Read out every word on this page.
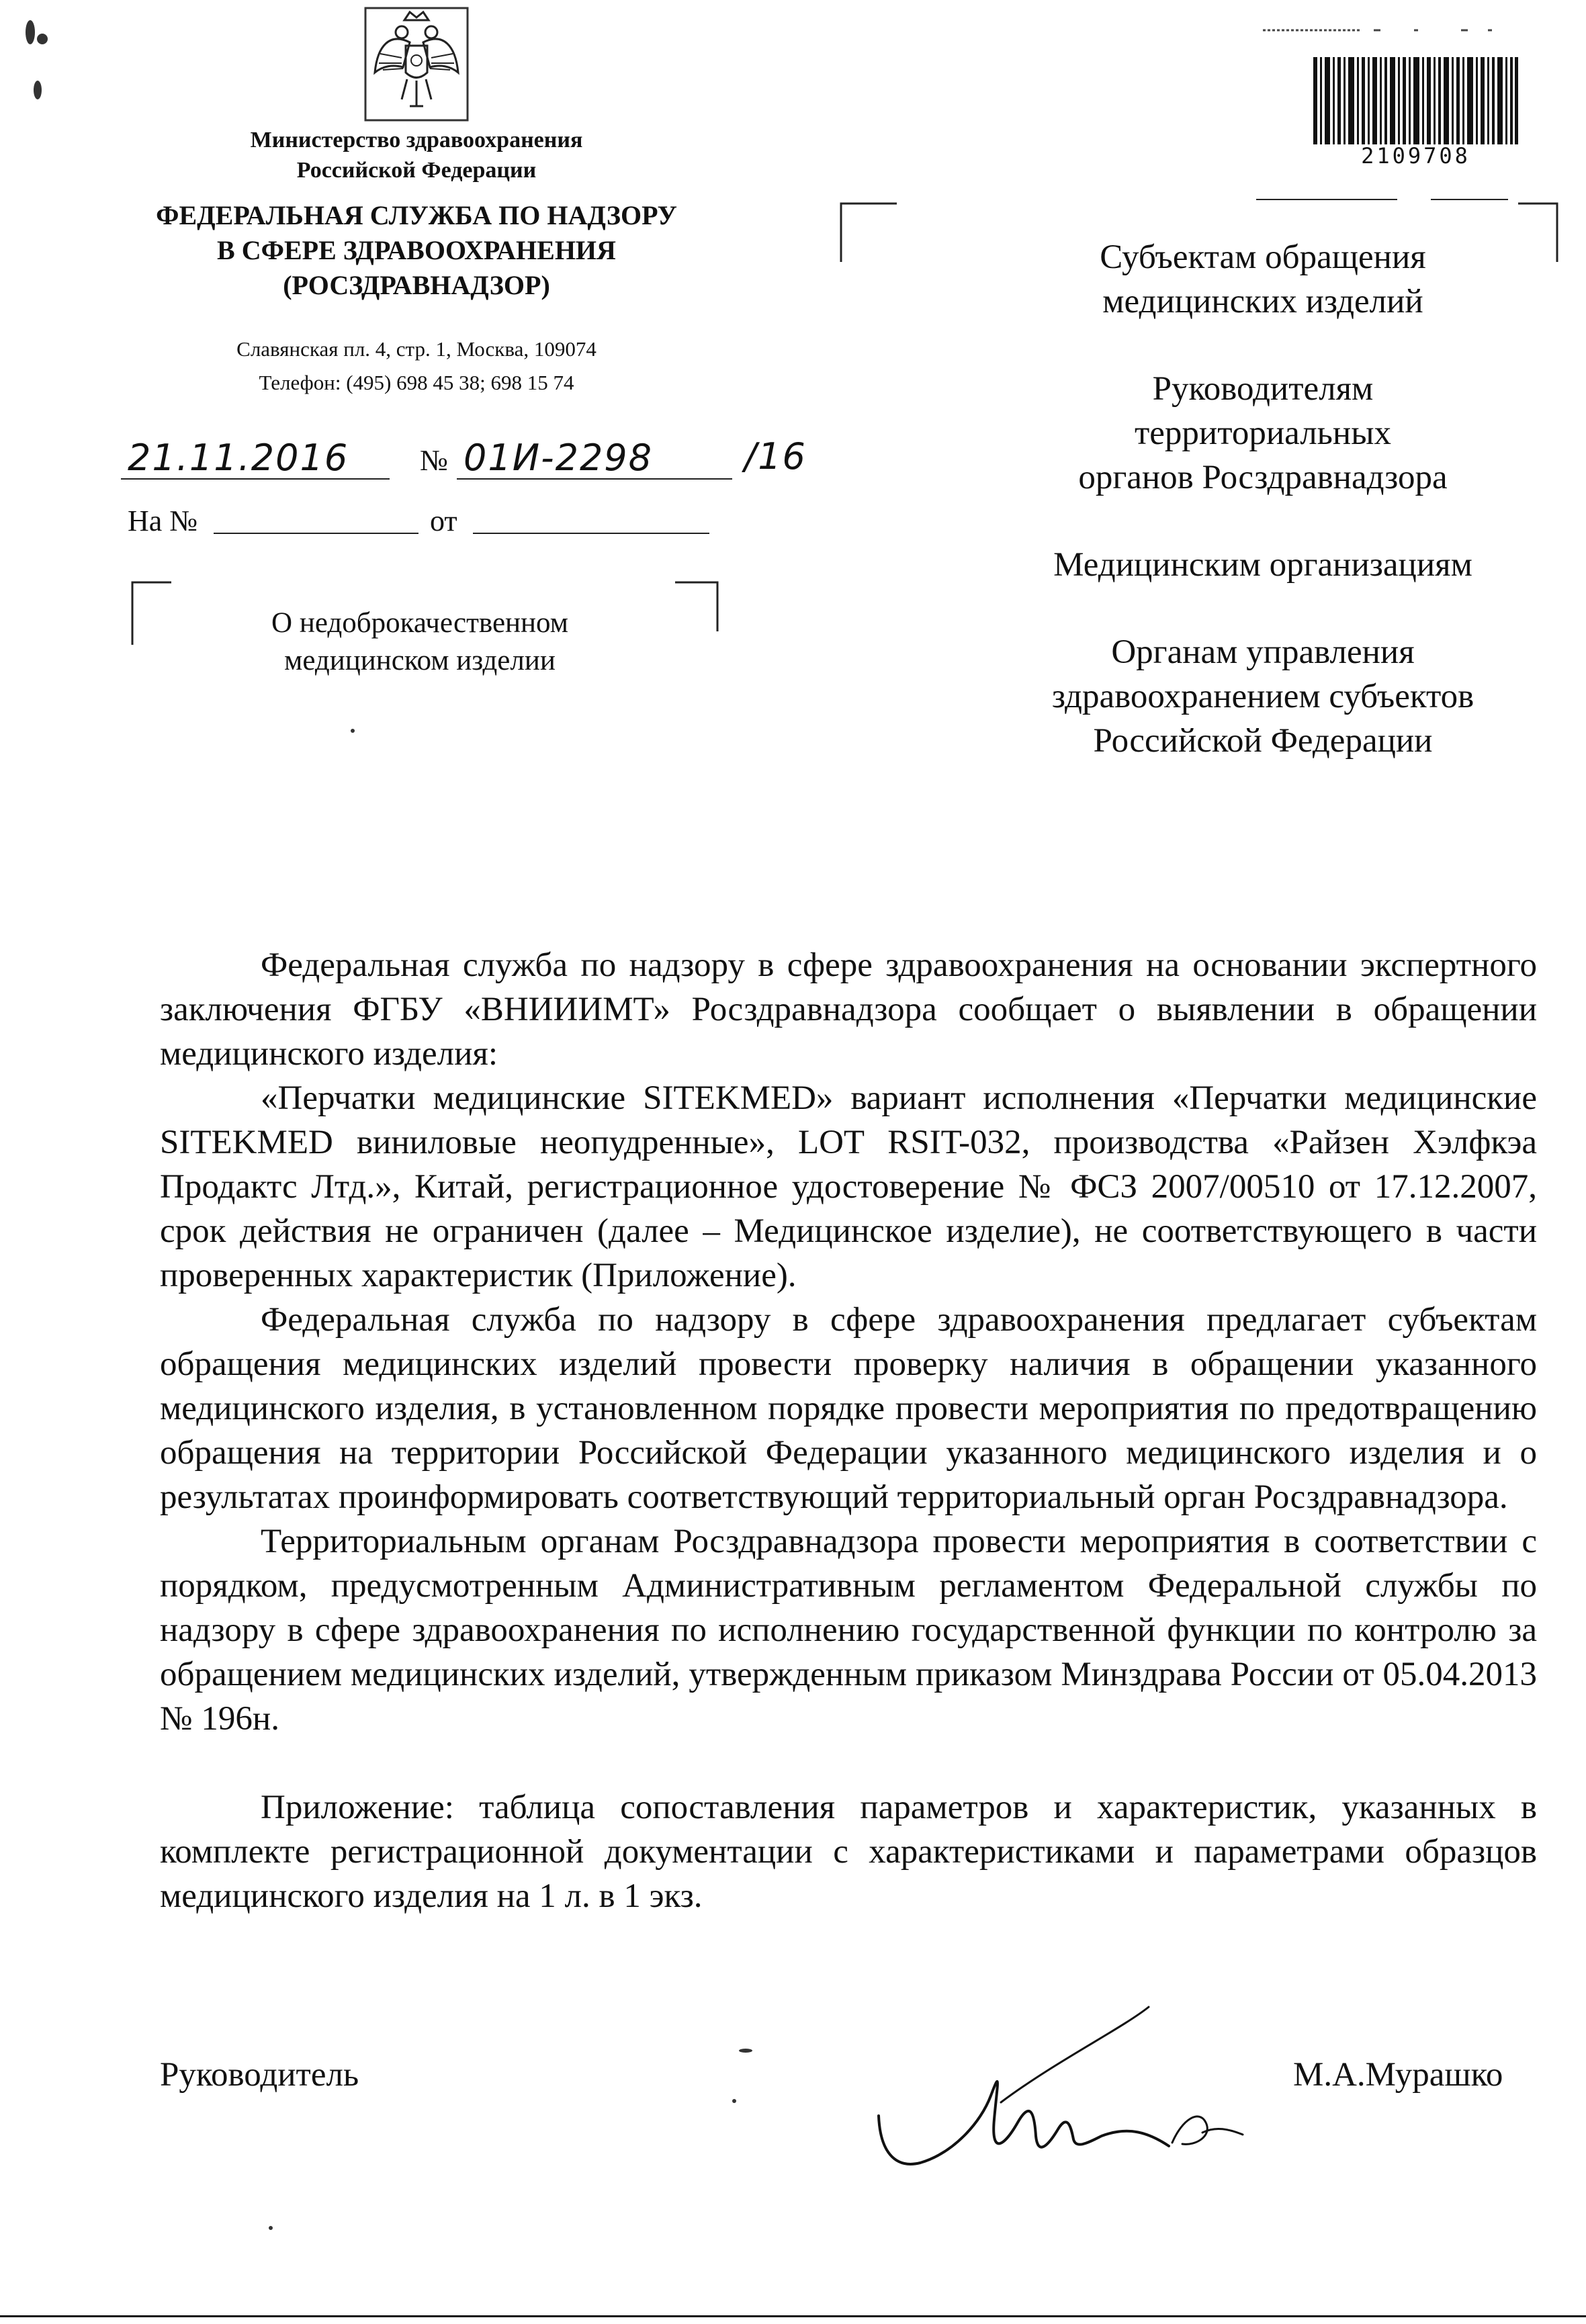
Министерство здравоохранения
Российской Федерации
ФЕДЕРАЛЬНАЯ СЛУЖБА ПО НАДЗОРУ
В СФЕРЕ ЗДРАВООХРАНЕНИЯ
(РОСЗДРАВНАДЗОР)
Славянская пл. 4, стр. 1, Москва, 109074
Телефон: (495) 698 45 38; 698 15 74
21.11.2016 № 01И-2298	/16
На №	от
О недоброкачественном
медицинском изделии
2109708
Субъектам обращения
медицинских изделий
Руководителям
территориальных
органов Росздравнадзора
Медицинским организациям
Органам управления
здравоохранением субъектов
Российской Федерации

Федеральная служба по надзору в сфере здравоохранения на основании экспертного заключения ФГБУ «ВНИИИМТ» Росздравнадзора сообщает о выявлении в обращении медицинского изделия:

«Перчатки медицинские SITEKMED» вариант исполнения «Перчатки медицинские SITEKMED виниловые неопудренные», LOT RSIT-032, производства «Райзен Хэлфкэа Продактс Лтд.», Китай, регистрационное удостоверение № ФСЗ 2007/00510 от 17.12.2007, срок действия не ограничен (далее – Медицинское изделие), не соответствующего в части проверенных характеристик (Приложение).

Федеральная служба по надзору в сфере здравоохранения предлагает субъектам обращения медицинских изделий провести проверку наличия в обращении указанного медицинского изделия, в установленном порядке провести мероприятия по предотвращению обращения на территории Российской Федерации указанного медицинского изделия и о результатах проинформировать соответствующий территориальный орган Росздравнадзора.

Территориальным органам Росздравнадзора провести мероприятия в соответствии с порядком, предусмотренным Административным регламентом Федеральной службы по надзору в сфере здравоохранения по исполнению государственной функции по контролю за обращением медицинских изделий, утвержденным приказом Минздрава России от 05.04.2013 № 196н.

Приложение: таблица сопоставления параметров и характеристик, указанных в комплекте регистрационной документации с характеристиками и параметрами образцов медицинского изделия на 1 л. в 1 экз.

Руководитель	М.А.Мурашко
